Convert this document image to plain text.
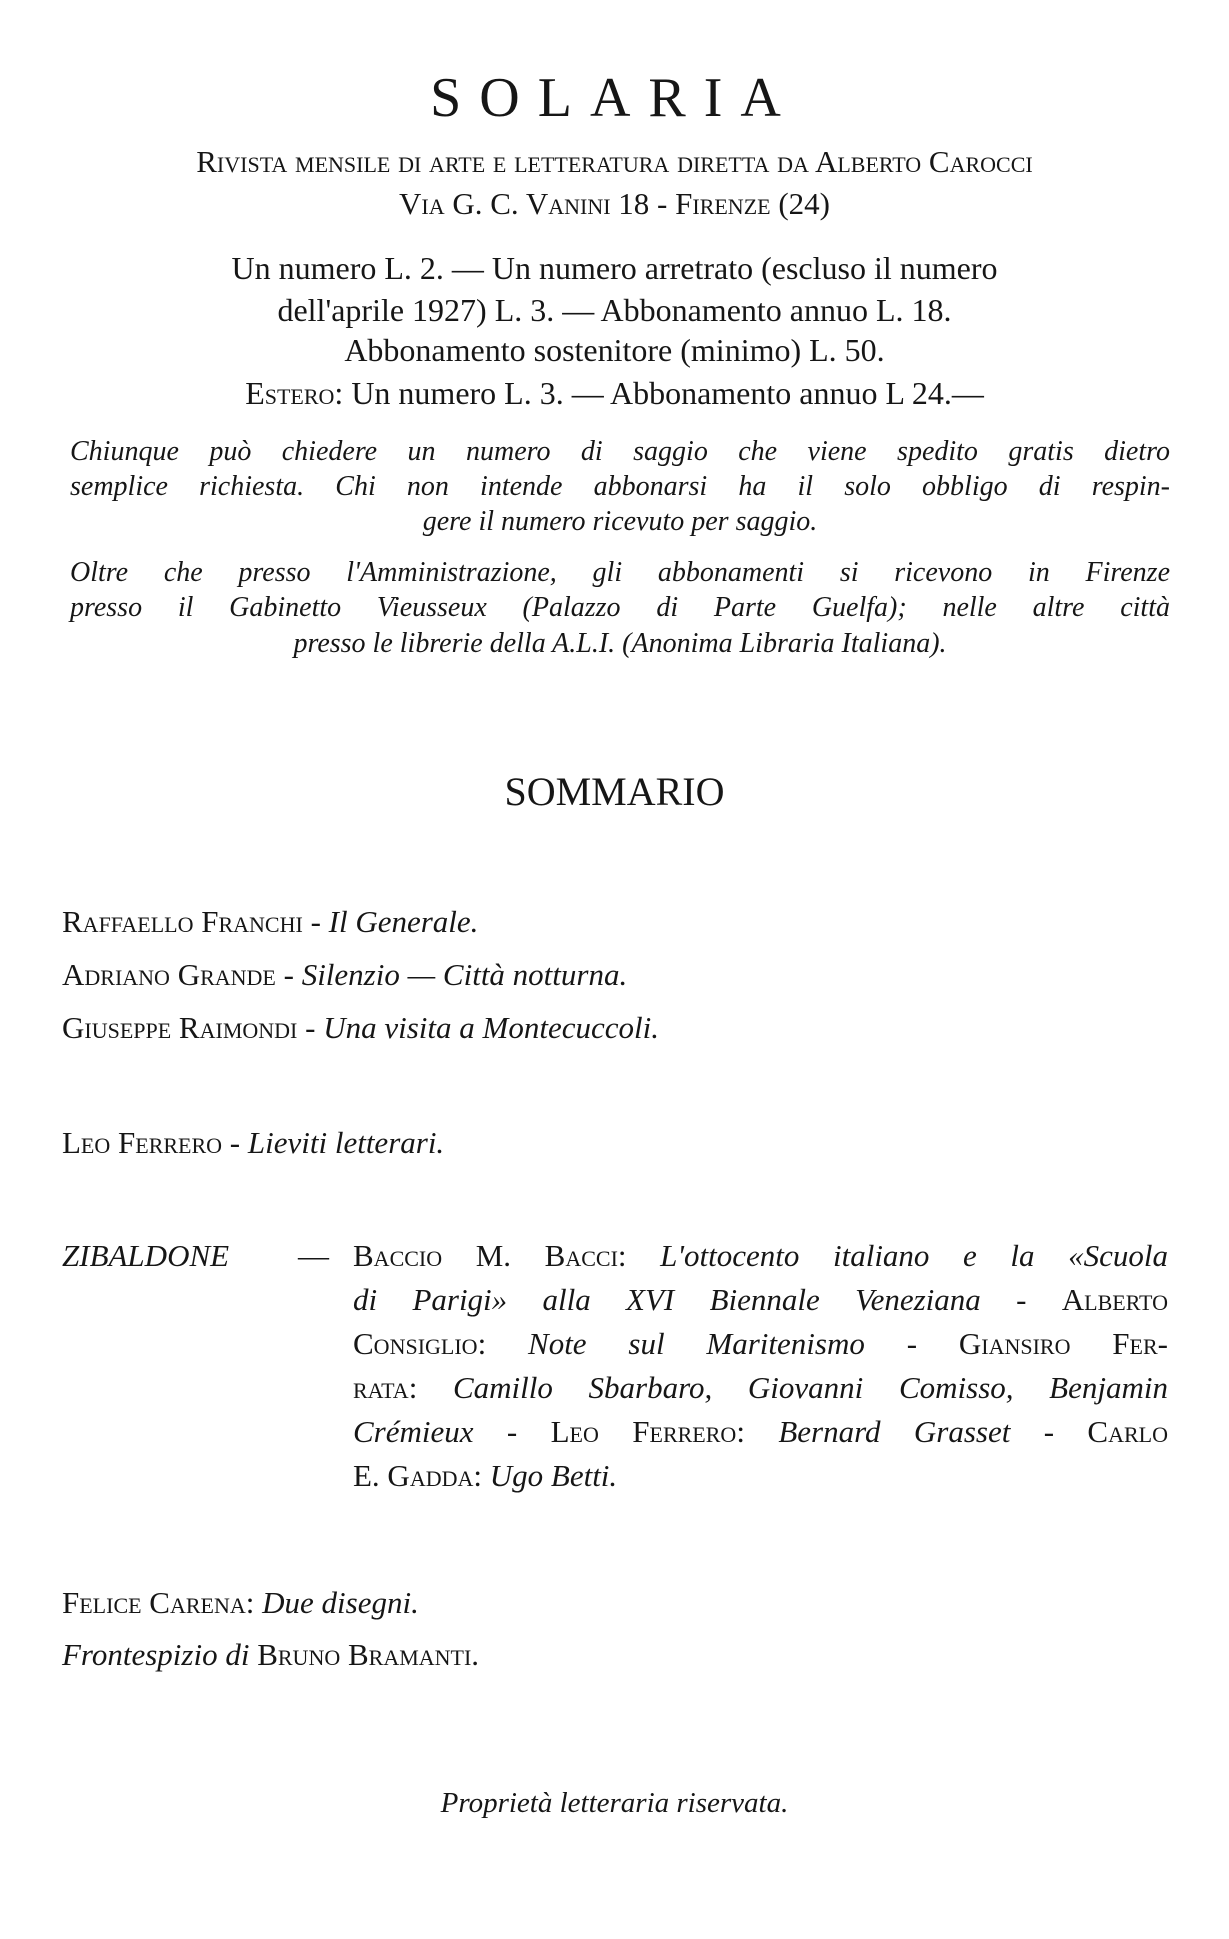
SOLARIA
Rivista mensile di arte e letteratura diretta da Alberto Carocci
Via G. C. Vanini 18 - Firenze (24)
Un numero L. 2. — Un numero arretrato (escluso il numero
dell'aprile 1927) L. 3. — Abbonamento annuo L. 18.
Abbonamento sostenitore (minimo) L. 50.
Estero: Un numero L. 3. — Abbonamento annuo L 24.—
Chiunque può chiedere un numero di saggio che viene spedito gratis dietro
semplice richiesta. Chi non intende abbonarsi ha il solo obbligo di respin-
gere il numero ricevuto per saggio.
Oltre che presso l'Amministrazione, gli abbonamenti si ricevono in Firenze
presso il Gabinetto Vieusseux (Palazzo di Parte Guelfa); nelle altre città
presso le librerie della A.L.I. (Anonima Libraria Italiana).
SOMMARIO
Raffaello Franchi - Il Generale.
Adriano Grande - Silenzio — Città notturna.
Giuseppe Raimondi - Una visita a Montecuccoli.
Leo Ferrero - Lieviti letterari.
ZIBALDONE — Baccio M. Bacci: L'ottocento italiano e la «Scuola
di Parigi» alla XVI Biennale Veneziana - Alberto
Consiglio: Note sul Maritenismo - Giansiro Fer-
rata: Camillo Sbarbaro, Giovanni Comisso, Benjamin
Crémieux - Leo Ferrero: Bernard Grasset - Carlo
E. Gadda: Ugo Betti.
Felice Carena: Due disegni.
Frontespizio di Bruno Bramanti.
Proprietà letteraria riservata.
